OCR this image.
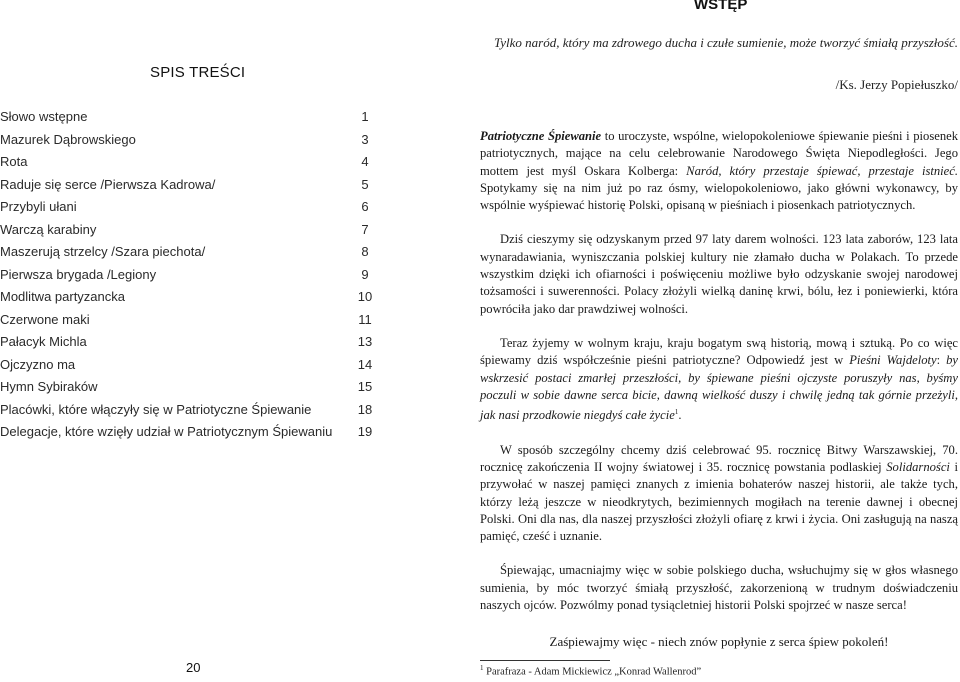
SPIS TREŚCI
Słowo wstępne	1
Mazurek Dąbrowskiego	3
Rota	4
Raduje się serce /Pierwsza Kadrowa/	5
Przybyli ułani	6
Warczą karabiny	7
Maszerują strzelcy /Szara piechota/	8
Pierwsza brygada /Legiony	9
Modlitwa partyzancka	10
Czerwone maki	11
Pałacyk Michla	13
Ojczyzno ma	14
Hymn Sybiraków	15
Placówki, które włączyły się w Patriotyczne Śpiewanie	18
Delegacje, które wzięły udział w Patriotycznym Śpiewaniu	19
20
WSTĘP

Tylko naród, który ma zdrowego ducha i czułe sumienie, może tworzyć śmiałą przyszłość.

/Ks. Jerzy Popiełuszko/

Patriotyczne Śpiewanie to uroczyste, wspólne, wielopokoleniowe śpiewanie pieśni i piosenek patriotycznych, mające na celu celebrowanie Narodowego Święta Niepodległości. Jego mottem jest myśl Oskara Kolberga: Naród, który przestaje śpiewać, przestaje istnieć. Spotykamy się na nim już po raz ósmy, wielopokoleniowo, jako główni wykonawcy, by wspólnie wyśpiewać historię Polski, opisaną w pieśniach i piosenkach patriotycznych.

Dziś cieszymy się odzyskanym przed 97 laty darem wolności. 123 lata zaborów, 123 lata wynaradawiania, wyniszczania polskiej kultury nie złamało ducha w Polakach. To przede wszystkim dzięki ich ofiarności i poświęceniu możliwe było odzyskanie swojej narodowej tożsamości i suwerenności. Polacy złożyli wielką daninę krwi, bólu, łez i poniewierki, która powróciła jako dar prawdziwej wolności.

Teraz żyjemy w wolnym kraju, kraju bogatym swą historią, mową i sztuką. Po co więc śpiewamy dziś współcześnie pieśni patriotyczne? Odpowiedź jest w Pieśni Wajdeloty: by wskrzesić postaci zmarłej przeszłości, by śpiewane pieśni ojczyste poruszyły nas, byśmy poczuli w sobie dawne serca bicie, dawną wielkość duszy i chwilę jedną tak górnie przeżyli, jak nasi przodkowie niegdyś całe życie$^1$.

W sposób szczególny chcemy dziś celebrować 95. rocznicę Bitwy Warszawskiej, 70. rocznicę zakończenia II wojny światowej i 35. rocznicę powstania podlaskiej Solidarności i przywołać w naszej pamięci znanych z imienia bohaterów naszej historii, ale także tych, którzy leżą jeszcze w nieodkrytych, bezimiennych mogiłach na terenie dawnej i obecnej Polski. Oni dla nas, dla naszej przyszłości złożyli ofiarę z krwi i życia. Oni zasługują na naszą pamięć, cześć i uznanie.

Śpiewając, umacniajmy więc w sobie polskiego ducha, wsłuchujmy się w głos własnego sumienia, by móc tworzyć śmiałą przyszłość, zakorzenioną w trudnym doświadczeniu naszych ojców. Pozwólmy ponad tysiącletniej historii Polski spojrzeć w nasze serca!

Zaśpiewajmy więc - niech znów popłynie z serca śpiew pokoleń!

$^1$ Parafraza - Adam Mickiewicz „Konrad Wallenrod”
